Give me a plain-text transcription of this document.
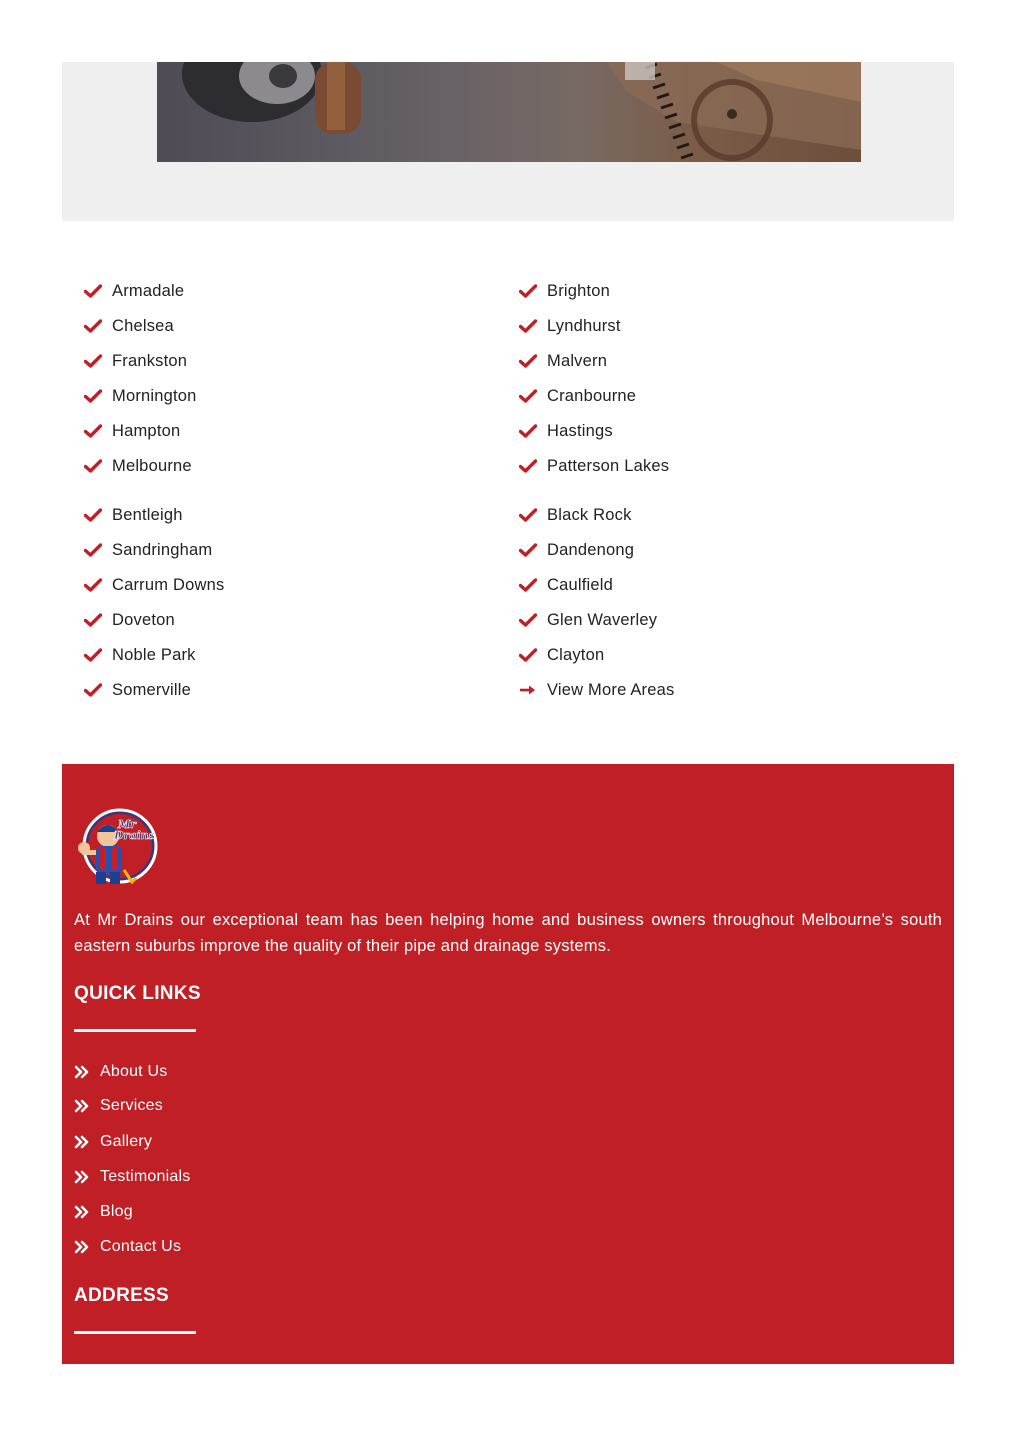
Armadale
Chelsea
Frankston
Mornington
Hampton
Melbourne
Bentleigh
Sandringham
Carrum Downs
Doveton
Noble Park
Somerville
Brighton
Lyndhurst
Malvern
Cranbourne
Hastings
Patterson Lakes
Black Rock
Dandenong
Caulfield
Glen Waverley
Clayton
View More Areas
Mr
Drains
At Mr Drains our exceptional team has been helping home and business owners throughout Melbourne’s south eastern suburbs improve the quality of their pipe and drainage systems.
QUICK LINKS
About Us
Services
Gallery
Testimonials
Blog
Contact Us
ADDRESS
